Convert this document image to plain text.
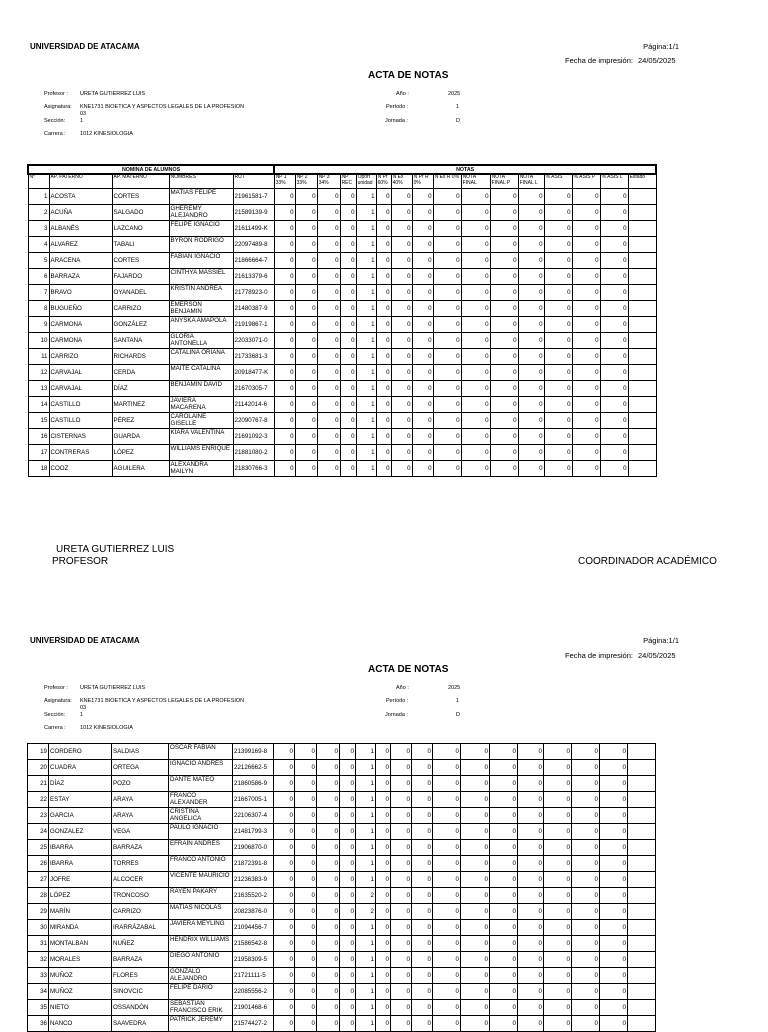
UNIVERSIDAD DE ATACAMA	Página:1/1
Fecha de impresión: 24/05/2025
ACTA DE NOTAS
Profesor : URETA GUTIERREZ LUIS
Asignatura: KNE1731 BIOETICA Y ASPECTOS LEGALES DE LA PROFESION
03
Sección:	1
Carrera :	1012 KINESIOLOGIA
Año :	2025
Período :	1
Jornada :	D
NOMINA DE ALUMNOS					NOTAS															
Nº	AP. PATERNO	AP. MATERNO	NOMBRES	RUT	NP 1 33%	NP 2 33%	NP 3 34%	NP REC	Oport unidad	N Pr 60%	N Ex 40%	N Pr R 0%	N Ex R 0%	NOTA FINAL	NOTA FINAL P	NOTA FINAL L	% ASIS	% ASIS P	% ASIS L	Estado
1	ACOSTA	CORTES	MATIAS FELIPE	21961581-7	0	0	0	0	1	0	0	0	0	0	0	0	0	0	0	
2	ACUÑA	SALGADO	GHEREMY ALEJANDRO	21589139-9	0	0	0	0	1	0	0	0	0	0	0	0	0	0	0	
3	ALBANÉS	LAZCANO	FELIPE IGNACIO	21611499-K	0	0	0	0	1	0	0	0	0	0	0	0	0	0	0	
4	ALVAREZ	TABALI	BYRON RODRIGO	22097489-8	0	0	0	0	1	0	0	0	0	0	0	0	0	0	0	
5	ARACENA	CORTES	FABIAN IGNACIO	21866664-7	0	0	0	0	1	0	0	0	0	0	0	0	0	0	0	
6	BARRAZA	FAJARDO	CINTHYA MASSIEL	21613379-6	0	0	0	0	1	0	0	0	0	0	0	0	0	0	0	
7	BRAVO	OYANADEL	KRISTIN ANDREA	21778923-0	0	0	0	0	1	0	0	0	0	0	0	0	0	0	0	
8	BUGUEÑO	CARRIZO	EMERSON BENJAMIN	21480387-9	0	0	0	0	1	0	0	0	0	0	0	0	0	0	0	
9	CARMONA	GONZÁLEZ	ANYSKA AMAPOLA	21919867-1	0	0	0	0	1	0	0	0	0	0	0	0	0	0	0	
10	CARMONA	SANTANA	GLORIA ANTONELLA	22033071-0	0	0	0	0	1	0	0	0	0	0	0	0	0	0	0	
11	CARRIZO	RICHARDS	CATALINA ORIANA	21733681-3	0	0	0	0	1	0	0	0	0	0	0	0	0	0	0	
12	CARVAJAL	CERDA	MAITE CATALINA	20918477-K	0	0	0	0	1	0	0	0	0	0	0	0	0	0	0	
13	CARVAJAL	DÍAZ	BENJAMÍN DAVID	21670305-7	0	0	0	0	1	0	0	0	0	0	0	0	0	0	0	
14	CASTILLO	MARTINEZ	JAVIERA MACARENA	21142014-6	0	0	0	0	1	0	0	0	0	0	0	0	0	0	0	
15	CASTILLO	PÉREZ	CAROLAINE GISELLE	22090767-8	0	0	0	0	1	0	0	0	0	0	0	0	0	0	0	
16	CISTERNAS	GUARDA	KIARA VALENTINA	21691092-3	0	0	0	0	1	0	0	0	0	0	0	0	0	0	0	
17	CONTRERAS	LÓPEZ	WILLIAMS ENRIQUE	21881080-2	0	0	0	0	1	0	0	0	0	0	0	0	0	0	0	
18	COOZ	AGUILERA	ALEXANDRA MAILYN	21830766-3	0	0	0	0	1	0	0	0	0	0	0	0	0	0	0	
URETA GUTIERREZ LUIS
PROFESOR	COORDINADOR ACADÉMICO
UNIVERSIDAD DE ATACAMA	Página:1/1
Fecha de impresión: 24/05/2025
ACTA DE NOTAS
Profesor : URETA GUTIERREZ LUIS
Asignatura: KNE1731 BIOETICA Y ASPECTOS LEGALES DE LA PROFESION
03
Sección:	1
Carrera :	1012 KINESIOLOGIA
Año :	2025
Período :	1
Jornada :	D
19	CORDERO	SALDIAS	OSCAR FABIAN	21399169-8	0	0	0	0	1	0	0	0	0	0	0	0	0	0	0	
20	CUADRA	ORTEGA	IGNACIO ANDRÉS	22126662-5	0	0	0	0	1	0	0	0	0	0	0	0	0	0	0	
21	DÍAZ	POZO	DANTE MATEO	21860586-9	0	0	0	0	1	0	0	0	0	0	0	0	0	0	0	
22	ESTAY	ARAYA	FRANCO ALEXANDER	21667005-1	0	0	0	0	1	0	0	0	0	0	0	0	0	0	0	
23	GARCIA	ARAYA	CRISTINA ANGELICA	22106307-4	0	0	0	0	1	0	0	0	0	0	0	0	0	0	0	
24	GONZALEZ	VEGA	PAULO IGNACIO	21481799-3	0	0	0	0	1	0	0	0	0	0	0	0	0	0	0	
25	IBARRA	BARRAZA	EFRAÍN ANDRÉS	21906870-0	0	0	0	0	1	0	0	0	0	0	0	0	0	0	0	
26	IBARRA	TORRES	FRANCO ANTONIO	21872391-8	0	0	0	0	1	0	0	0	0	0	0	0	0	0	0	
27	JOFRE	ALCOCER	VICENTE MAURICIO	21236383-9	0	0	0	0	1	0	0	0	0	0	0	0	0	0	0	
28	LÓPEZ	TRONCOSO	RAYÉN PAKARY	21635520-2	0	0	0	0	2	0	0	0	0	0	0	0	0	0	0	
29	MARÍN	CARRIZO	MATÍAS NICOLÁS	20823876-0	0	0	0	0	2	0	0	0	0	0	0	0	0	0	0	
30	MIRANDA	IRARRÁZABAL	JAVIERA MEYLING	21094456-7	0	0	0	0	1	0	0	0	0	0	0	0	0	0	0	
31	MONTALBAN	NUÑEZ	HENDRIX WILLIAMS	21586542-8	0	0	0	0	1	0	0	0	0	0	0	0	0	0	0	
32	MORALES	BARRAZA	DIEGO ANTONIO	21958309-5	0	0	0	0	1	0	0	0	0	0	0	0	0	0	0	
33	MUÑOZ	FLORES	GONZALO ALEJANDRO	21721111-5	0	0	0	0	1	0	0	0	0	0	0	0	0	0	0	
34	MUÑOZ	SINOVCIC	FELIPE DARIO	22085556-2	0	0	0	0	1	0	0	0	0	0	0	0	0	0	0	
35	NIETO	OSSANDÓN	SEBASTIÁN FRANCISCO ERIK	21901468-6	0	0	0	0	1	0	0	0	0	0	0	0	0	0	0	
36	NANCO	SAAVEDRA	PATRICK JEREMY	21574427-2	0	0	0	0	1	0	0	0	0	0	0	0	0	0	0	
